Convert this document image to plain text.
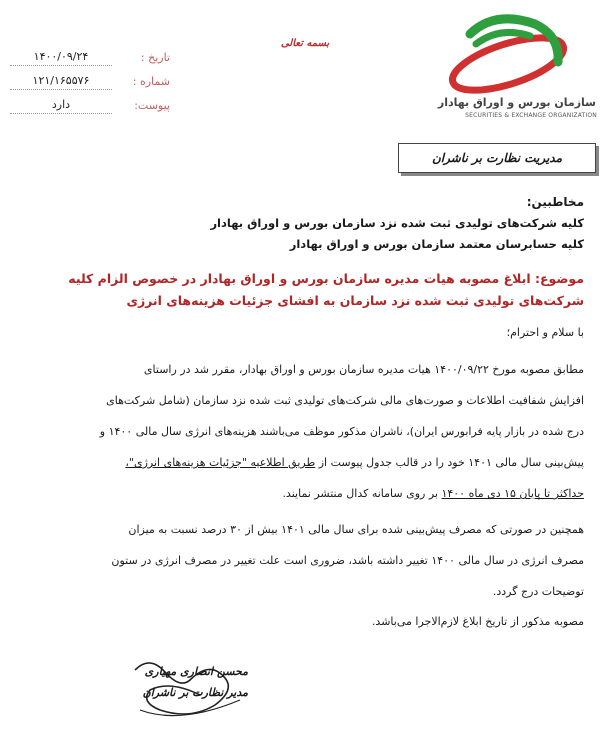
سازمان بورس و اوراق بهادار
SECURITIES & EXCHANGE ORGANIZATION
بسمه تعالی
۱۴۰۰/۰۹/۲۴	تاریخ :
۱۲۱/۱۶۵۵۷۶	شماره :
دارد	پیوست:
مدیریت نظارت بر ناشران
مخاطبین:
کلیه شرکت‌های تولیدی ثبت شده نزد سازمان بورس و اوراق بهادار
کلیه حسابرسان معتمد سازمان بورس و اوراق بهادار
موضوع: ابلاغ مصوبه هیات مدیره سازمان بورس و اوراق بهادار در خصوص الزام کلیه
شرکت‌های تولیدی ثبت شده نزد سازمان به افشای جزئیات هزینه‌های انرژی
با سلام و احترام؛
مطابق مصوبه مورخ ۱۴۰۰/۰۹/۲۲ هیات مدیره سازمان بورس و اوراق بهادار، مقرر شد در راستای
افزایش شفافیت اطلاعات و صورت‌های مالی شرکت‌های تولیدی ثبت شده نزد سازمان (شامل شرکت‌های
درج شده در بازار پایه فرابورس ایران)، ناشران مذکور موظف می‌باشند هزینه‌های انرژی سال مالی ۱۴۰۰ و
پیش‌بینی سال مالی ۱۴۰۱ خود را در قالب جدول پیوست از طریق اطلاعیه "جزئیات هزینه‌های انرژی"،
حداکثر تا پایان ۱۵ دی ماه ۱۴۰۰ بر روی سامانه کدال منتشر نمایند.
همچنین در صورتی که مصرف پیش‌بینی شده برای سال مالی ۱۴۰۱ بیش از ۳۰ درصد نسبت به میزان
مصرف انرژی در سال مالی ۱۴۰۰ تغییر داشته باشد، ضروری است علت تغییر در مصرف انرژی در ستون
توضیحات درج گردد.
مصوبه مذکور از تاریخ ابلاغ لازم‌الاجرا می‌باشد.
محسن انصاری مهیاری
مدیر نظارت بر ناشران
